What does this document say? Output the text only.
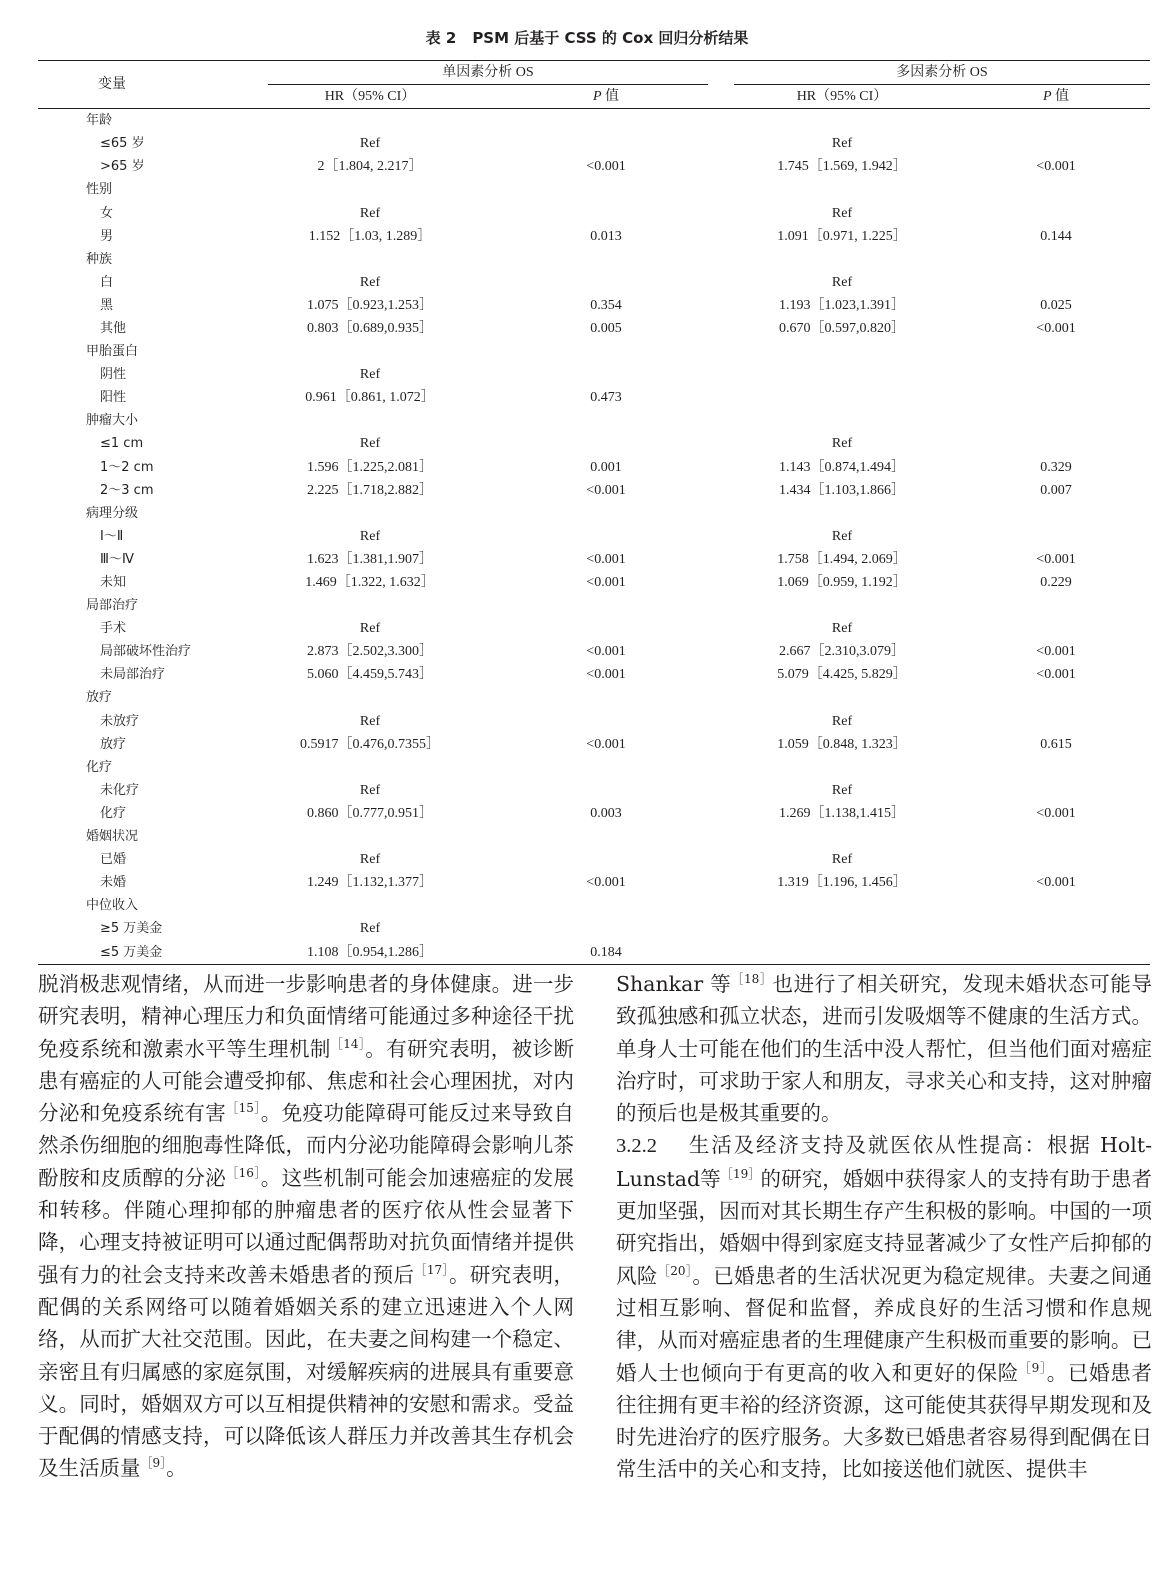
表 2 PSM 后基于 CSS 的 Cox 回归分析结果
变量	单因素分析 OS		多因素分析 OS	

	HR（95% CI）	P 值	HR（95% CI）	P 值
年龄				
≤65 岁	Ref		Ref	
>65 岁	2［1.804, 2.217］	<0.001	1.745［1.569, 1.942］	<0.001
性别				
女	Ref		Ref	
男	1.152［1.03, 1.289］	0.013	1.091［0.971, 1.225］	0.144
种族				
白	Ref		Ref	
黑	1.075［0.923,1.253］	0.354	1.193［1.023,1.391］	0.025
其他	0.803［0.689,0.935］	0.005	0.670［0.597,0.820］	<0.001
甲胎蛋白				
阴性	Ref			
阳性	0.961［0.861, 1.072］	0.473		
肿瘤大小				
≤1 cm	Ref		Ref	
1～2 cm	1.596［1.225,2.081］	0.001	1.143［0.874,1.494］	0.329
2～3 cm	2.225［1.718,2.882］	<0.001	1.434［1.103,1.866］	0.007
病理分级				
Ⅰ～Ⅱ	Ref		Ref	
Ⅲ～Ⅳ	1.623［1.381,1.907］	<0.001	1.758［1.494, 2.069］	<0.001
未知	1.469［1.322, 1.632］	<0.001	1.069［0.959, 1.192］	0.229
局部治疗				
手术	Ref		Ref	
局部破坏性治疗	2.873［2.502,3.300］	<0.001	2.667［2.310,3.079］	<0.001
未局部治疗	5.060［4.459,5.743］	<0.001	5.079［4.425, 5.829］	<0.001
放疗				
未放疗	Ref		Ref	
放疗	0.5917［0.476,0.7355］	<0.001	1.059［0.848, 1.323］	0.615
化疗				
未化疗	Ref		Ref	
化疗	0.860［0.777,0.951］	0.003	1.269［1.138,1.415］	<0.001
婚姻状况				
已婚	Ref		Ref	
未婚	1.249［1.132,1.377］	<0.001	1.319［1.196, 1.456］	<0.001
中位收入				
≥5 万美金	Ref			
≤5 万美金	1.108［0.954,1.286］	0.184		

脱消极悲观情绪，从而进一步影响患者的身体健康。进一步研究表明，精神心理压力和负面情绪可能通过多种途径干扰免疫系统和激素水平等生理机制$^{[14]}$。有研究表明，被诊断患有癌症的人可能会遭受抑郁、焦虑和社会心理困扰，对内分泌和免疫系统有害$^{[15]}$。免疫功能障碍可能反过来导致自然杀伤细胞的细胞毒性降低，而内分泌功能障碍会影响儿茶酚胺和皮质醇的分泌$^{[16]}$。这些机制可能会加速癌症的发展和转移。伴随心理抑郁的肿瘤患者的医疗依从性会显著下降，心理支持被证明可以通过配偶帮助对抗负面情绪并提供强有力的社会支持来改善未婚患者的预后$^{[17]}$。研究表明，配偶的关系网络可以随着婚姻关系的建立迅速进入个人网络，从而扩大社交范围。因此，在夫妻之间构建一个稳定、亲密且有归属感的家庭氛围，对缓解疾病的进展具有重要意义。同时，婚姻双方可以互相提供精神的安慰和需求。受益于配偶的情感支持，可以降低该人群压力并改善其生存机会及生活质量$^{[9]}$。

Shankar 等$^{[18]}$也进行了相关研究，发现未婚状态可能导致孤独感和孤立状态，进而引发吸烟等不健康的生活方式。单身人士可能在他们的生活中没人帮忙，但当他们面对癌症治疗时，可求助于家人和朋友，寻求关心和支持，这对肿瘤的预后也是极其重要的。

3.2.2 生活及经济支持及就医依从性提高：根据 Holt-Lunstad等$^{[19]}$的研究，婚姻中获得家人的支持有助于患者更加坚强，因而对其长期生存产生积极的影响。中国的一项研究指出，婚姻中得到家庭支持显著减少了女性产后抑郁的风险$^{[20]}$。已婚患者的生活状况更为稳定规律。夫妻之间通过相互影响、督促和监督，养成良好的生活习惯和作息规律，从而对癌症患者的生理健康产生积极而重要的影响。已婚人士也倾向于有更高的收入和更好的保险$^{[9]}$。已婚患者往往拥有更丰裕的经济资源，这可能使其获得早期发现和及时先进治疗的医疗服务。大多数已婚患者容易得到配偶在日常生活中的关心和支持，比如接送他们就医、提供丰
